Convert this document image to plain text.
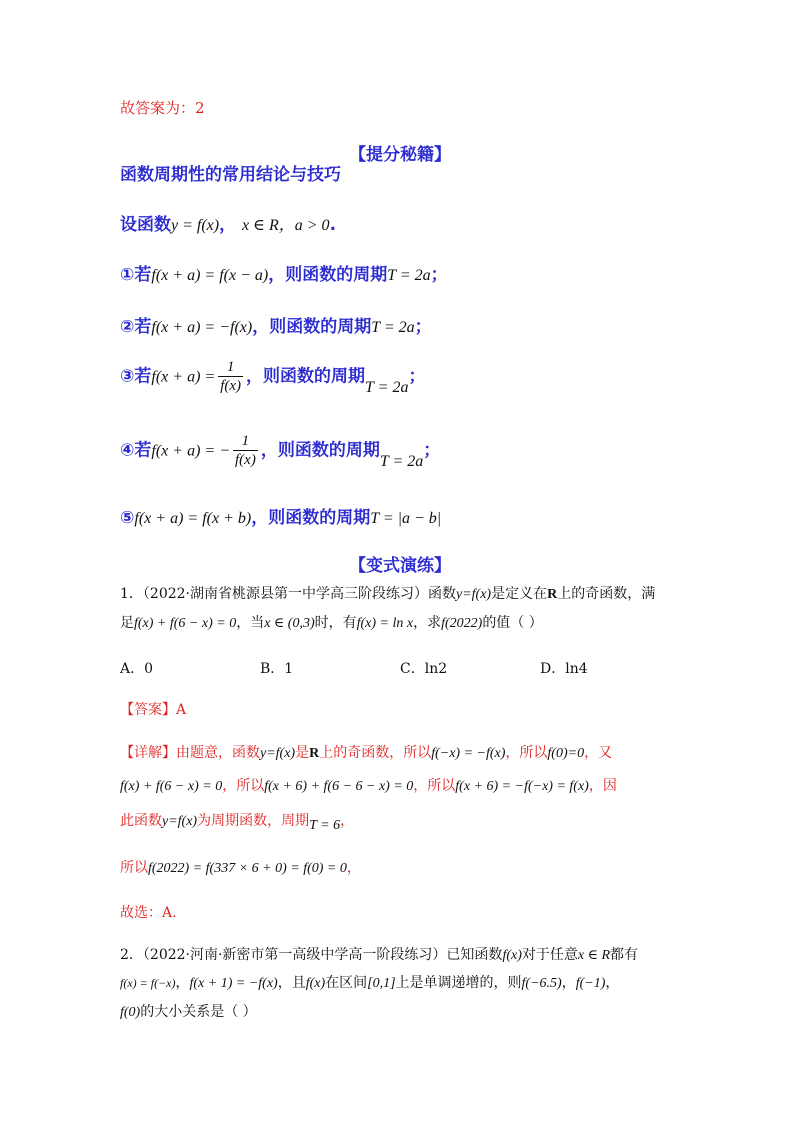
故答案为：2
【提分秘籍】
函数周期性的常用结论与技巧
设函数y = f(x)， x ∈ R，a > 0.
①若f(x + a) = f(x − a)，则函数的周期T = 2a；
②若f(x + a) = −f(x)，则函数的周期T = 2a；
③若$f(x + a) = \frac{1}{f(x)}$ ，则函数的周期T = 2a；
④若f(x + a) = − $\frac{1}{f(x)}$ ，则函数的周期T = 2a；
⑤f(x + a) = f(x + b)，则函数的周期T = |a − b|
【变式演练】
1．（2022·湖南省桃源县第一中学高三阶段练习）函数y=f(x)是定义在R上的奇函数，满
足f(x) + f(6 − x) = 0，当x ∈ (0,3)时，有f(x) = ln x，求f(2022)的值（ ）
A．0	B．1	C．ln2	D．ln4
【答案】A
【详解】由题意，函数y=f(x)是R上的奇函数，所以f(−x) = −f(x)，所以f(0)=0，又
f(x) + f(6 − x) = 0，所以f(x + 6) + f(6 − 6 − x) = 0，所以f(x + 6) = −f(−x) = f(x)，因
此函数y=f(x)为周期函数，周期T = 6，
所以f(2022) = f(337 × 6 + 0) = f(0) = 0，
故选：A.
2．（2022·河南·新密市第一高级中学高一阶段练习）已知函数f(x)对于任意x ∈ R都有
f(x) = f(−x)，f(x + 1) = −f(x)，且f(x)在区间[0,1]上是单调递增的，则f(−6.5)，f(−1)，
f(0)的大小关系是（ ）
